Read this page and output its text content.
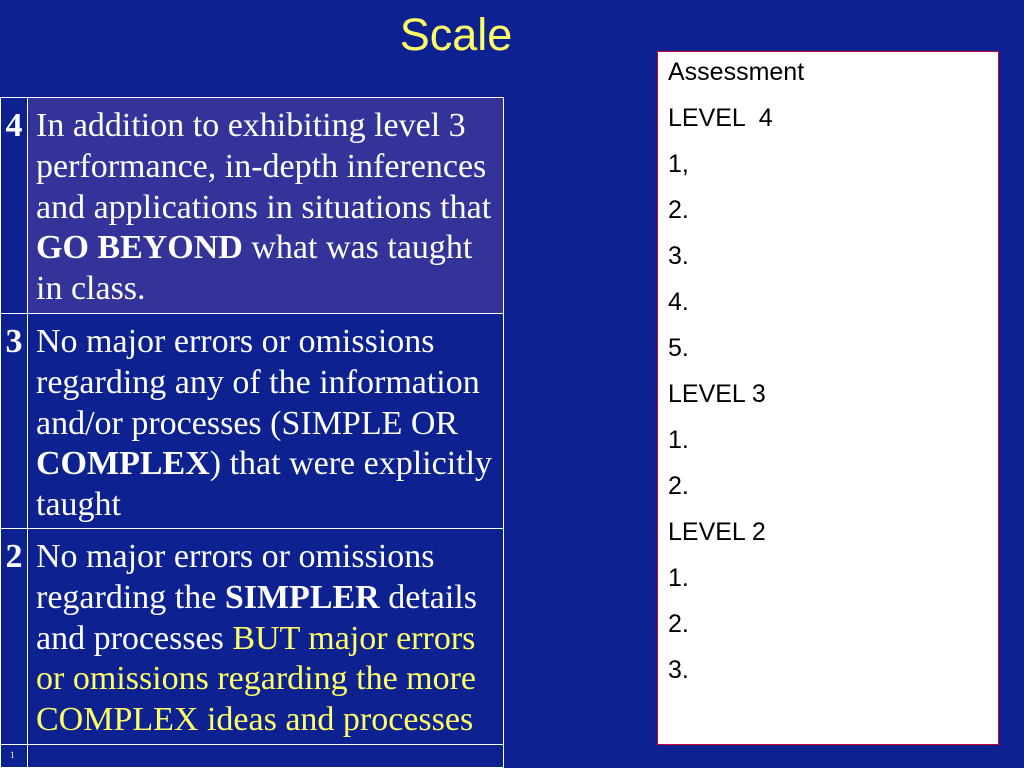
Scale
4 In addition to exhibiting level 3
performance, in-depth inferences
and applications in situations that
GO BEYOND what was taught
in class.
3 No major errors or omissions
regarding any of the information
and/or processes (SIMPLE OR
COMPLEX) that were explicitly
taught
2 No major errors or omissions
regarding the SIMPLER details
and processes BUT major errors
or omissions regarding the more
COMPLEX ideas and processes
1
Assessment
LEVEL  4
1,
2.
3.
4.
5.
LEVEL 3
1.
2.
LEVEL 2
1.
2.
3.
